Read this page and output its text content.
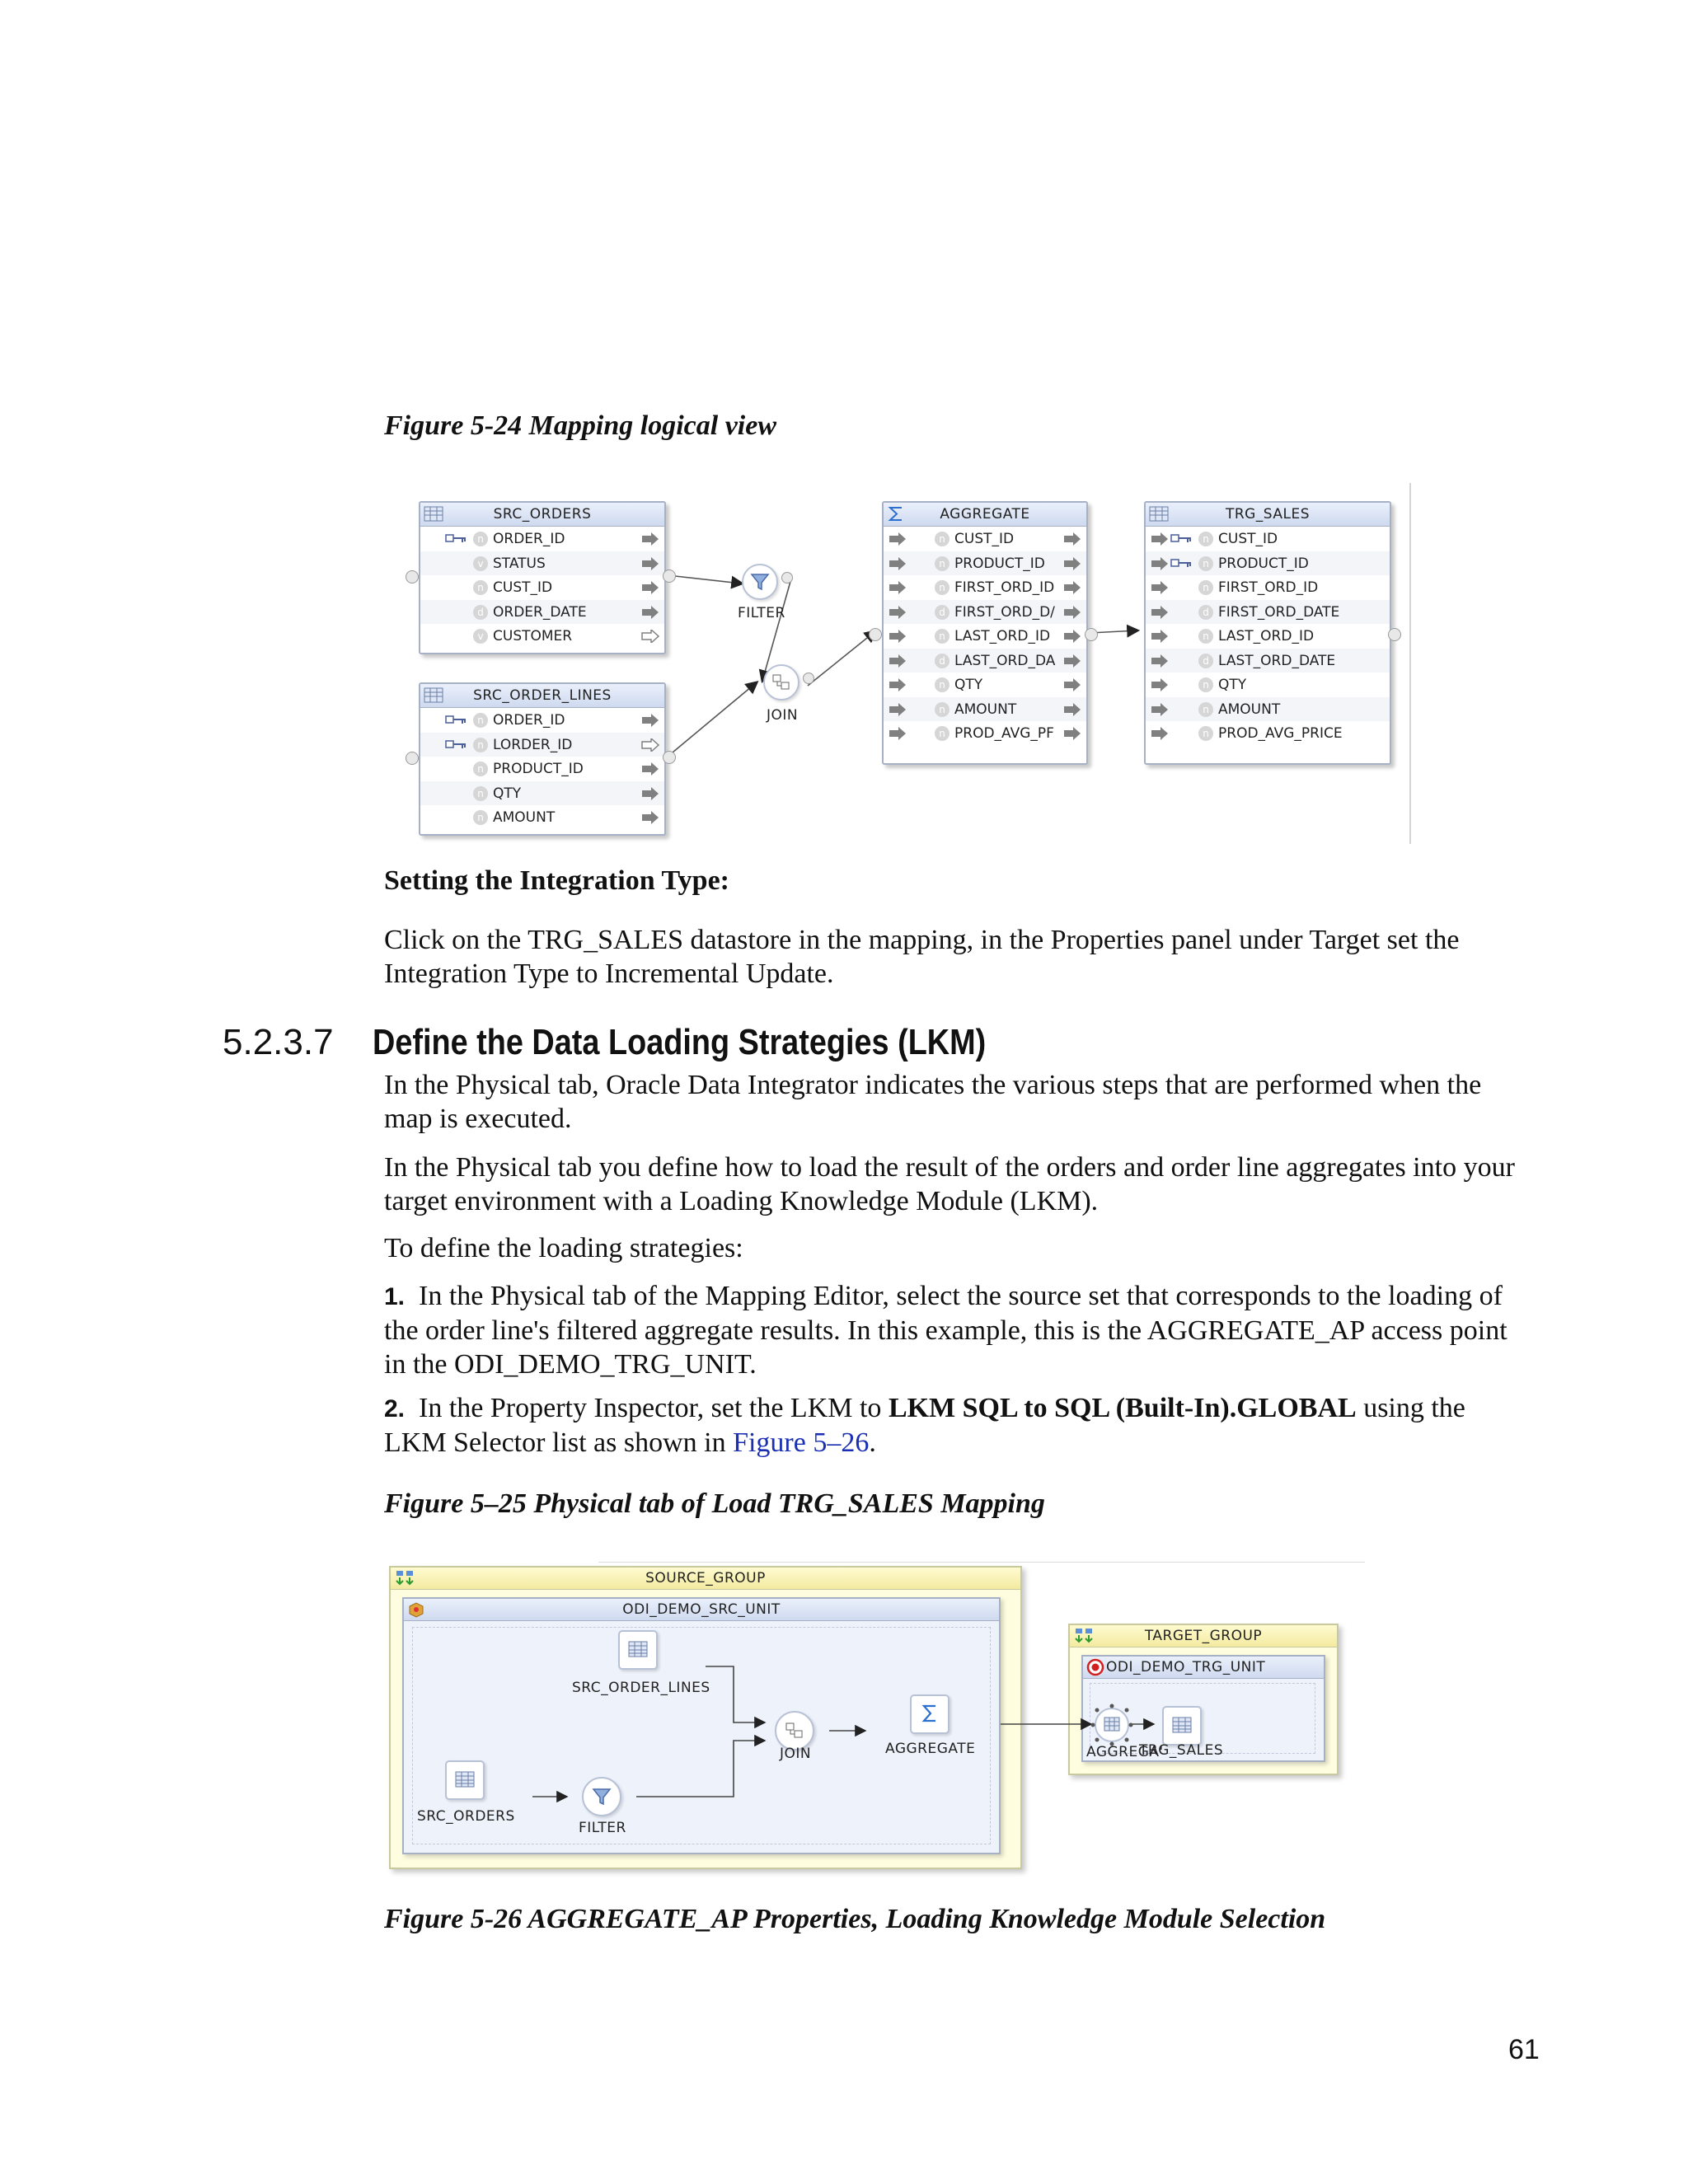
Figure 5-24 Mapping logical view
SRC_ORDERS
n ORDER_ID
v STATUS
n CUST_ID
d ORDER_DATE
v CUSTOMER
SRC_ORDER_LINES
n ORDER_ID
n LORDER_ID
n PRODUCT_ID
n QTY
n AMOUNT
FILTER
JOIN
AGGREGATE
n CUST_ID
n PRODUCT_ID
n FIRST_ORD_ID
d FIRST_ORD_D/
n LAST_ORD_ID
d LAST_ORD_DA
n QTY
n AMOUNT
n PROD_AVG_PF
TRG_SALES
n CUST_ID
n PRODUCT_ID
n FIRST_ORD_ID
d FIRST_ORD_DATE
n LAST_ORD_ID
d LAST_ORD_DATE
n QTY
n AMOUNT
n PROD_AVG_PRICE
Setting the Integration Type:
Click on the TRG_SALES datastore in the mapping, in the Properties panel under Target set the Integration Type to Incremental Update.
5.2.3.7 Define the Data Loading Strategies (LKM)
In the Physical tab, Oracle Data Integrator indicates the various steps that are performed when the map is executed.
In the Physical tab you define how to load the result of the orders and order line aggregates into your target environment with a Loading Knowledge Module (LKM).
To define the loading strategies:
1. In the Physical tab of the Mapping Editor, select the source set that corresponds to the loading of the order line's filtered aggregate results. In this example, this is the AGGREGATE_AP access point in the ODI_DEMO_TRG_UNIT.
2. In the Property Inspector, set the LKM to LKM SQL to SQL (Built-In).GLOBAL using the LKM Selector list as shown in Figure 5–26.
Figure 5–25 Physical tab of Load TRG_SALES Mapping
SOURCE_GROUP
ODI_DEMO_SRC_UNIT
TARGET_GROUP
ODI_DEMO_TRG_UNIT
SRC_ORDER_LINES
SRC_ORDERS
FILTER
JOIN	AGGREGATE	AGGREGA'
TRG_SALES
Figure 5-26 AGGREGATE_AP Properties, Loading Knowledge Module Selection
61
